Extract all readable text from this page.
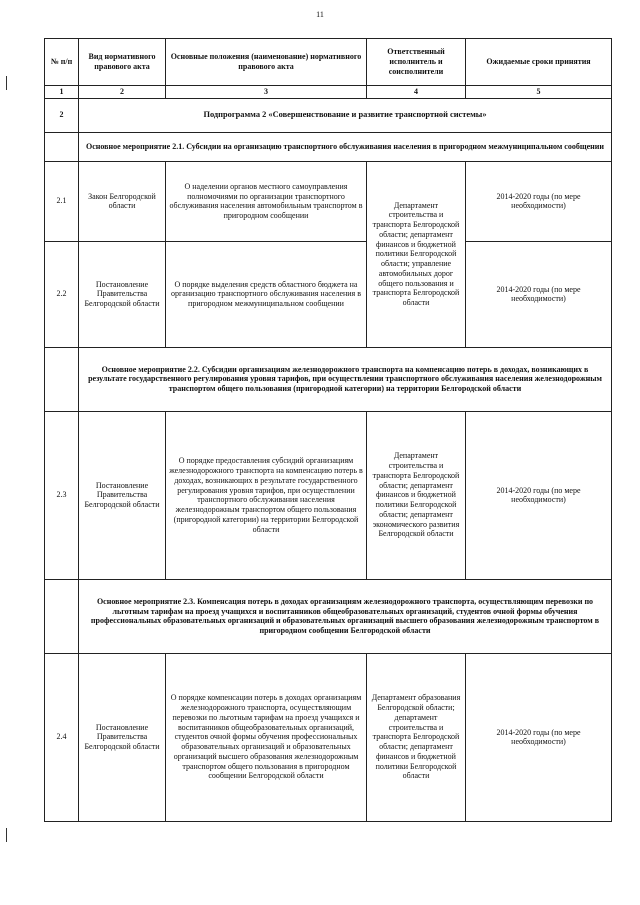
11
№ п/п	Вид нормативного правового акта	Основные положения (наименование) нормативного правового акта	Ответственный исполнитель и соисполнители	Ожидаемые сроки принятия
1	2	3	4	5
2	Подпрограмма 2 «Совершенствование и развитие транспортной системы»			
	Основное мероприятие 2.1. Субсидии на организацию транспортного обслуживания населения в пригородном межмуниципальном сообщении			
2.1	Закон Белгородской области	О наделении органов местного самоуправления полномочиями по организации транспортного обслуживания населения автомобильным транспортом в пригородном сообщении	Департамент строительства и транспорта Белгородской области; департамент финансов и бюджетной политики Белгородской области; управление автомобильных дорог общего пользования и транспорта Белгородской области	2014-2020 годы (по мере необходимости)
2.2	Постановление Правительства Белгородской области	О порядке выделения средств областного бюджета на организацию транспортного обслуживания населения в пригородном межмуниципальном сообщении		2014-2020 годы (по мере необходимости)
	Основное мероприятие 2.2. Субсидии организациям железнодорожного транспорта на компенсацию потерь в доходах, возникающих в результате государственного регулирования уровня тарифов, при осуществлении транспортного обслуживания населения железнодорожным транспортом общего пользования (пригородной категории) на территории Белгородской области			
2.3	Постановление Правительства Белгородской области	О порядке предоставления субсидий организациям железнодорожного транспорта на компенсацию потерь в доходах, возникающих в результате государственного регулирования уровня тарифов, при осуществлении транспортного обслуживания населения железнодорожным транспортом общего пользования (пригородной категории) на территории Белгородской области	Департамент строительства и транспорта Белгородской области; департамент финансов и бюджетной политики Белгородской области; департамент экономического развития Белгородской области	2014-2020 годы (по мере необходимости)
	Основное мероприятие 2.3. Компенсация потерь в доходах организациям железнодорожного транспорта, осуществляющим перевозки по льготным тарифам на проезд учащихся и воспитанников общеобразовательных организаций, студентов очной формы обучения профессиональных образовательных организаций и образовательных организаций высшего образования железнодорожным транспортом в пригородном сообщении Белгородской области			
2.4	Постановление Правительства Белгородской области	О порядке компенсации потерь в доходах организациям железнодорожного транспорта, осуществляющим перевозки по льготным тарифам на проезд учащихся и воспитанников общеобразовательных организаций, студентов очной формы обучения профессиональных образовательных организаций и образовательных организаций высшего образования железнодорожным транспортом общего пользования в пригородном сообщении Белгородской области	Департамент образования Белгородской области; департамент строительства и транспорта Белгородской области; департамент финансов и бюджетной политики Белгородской области	2014-2020 годы (по мере необходимости)
